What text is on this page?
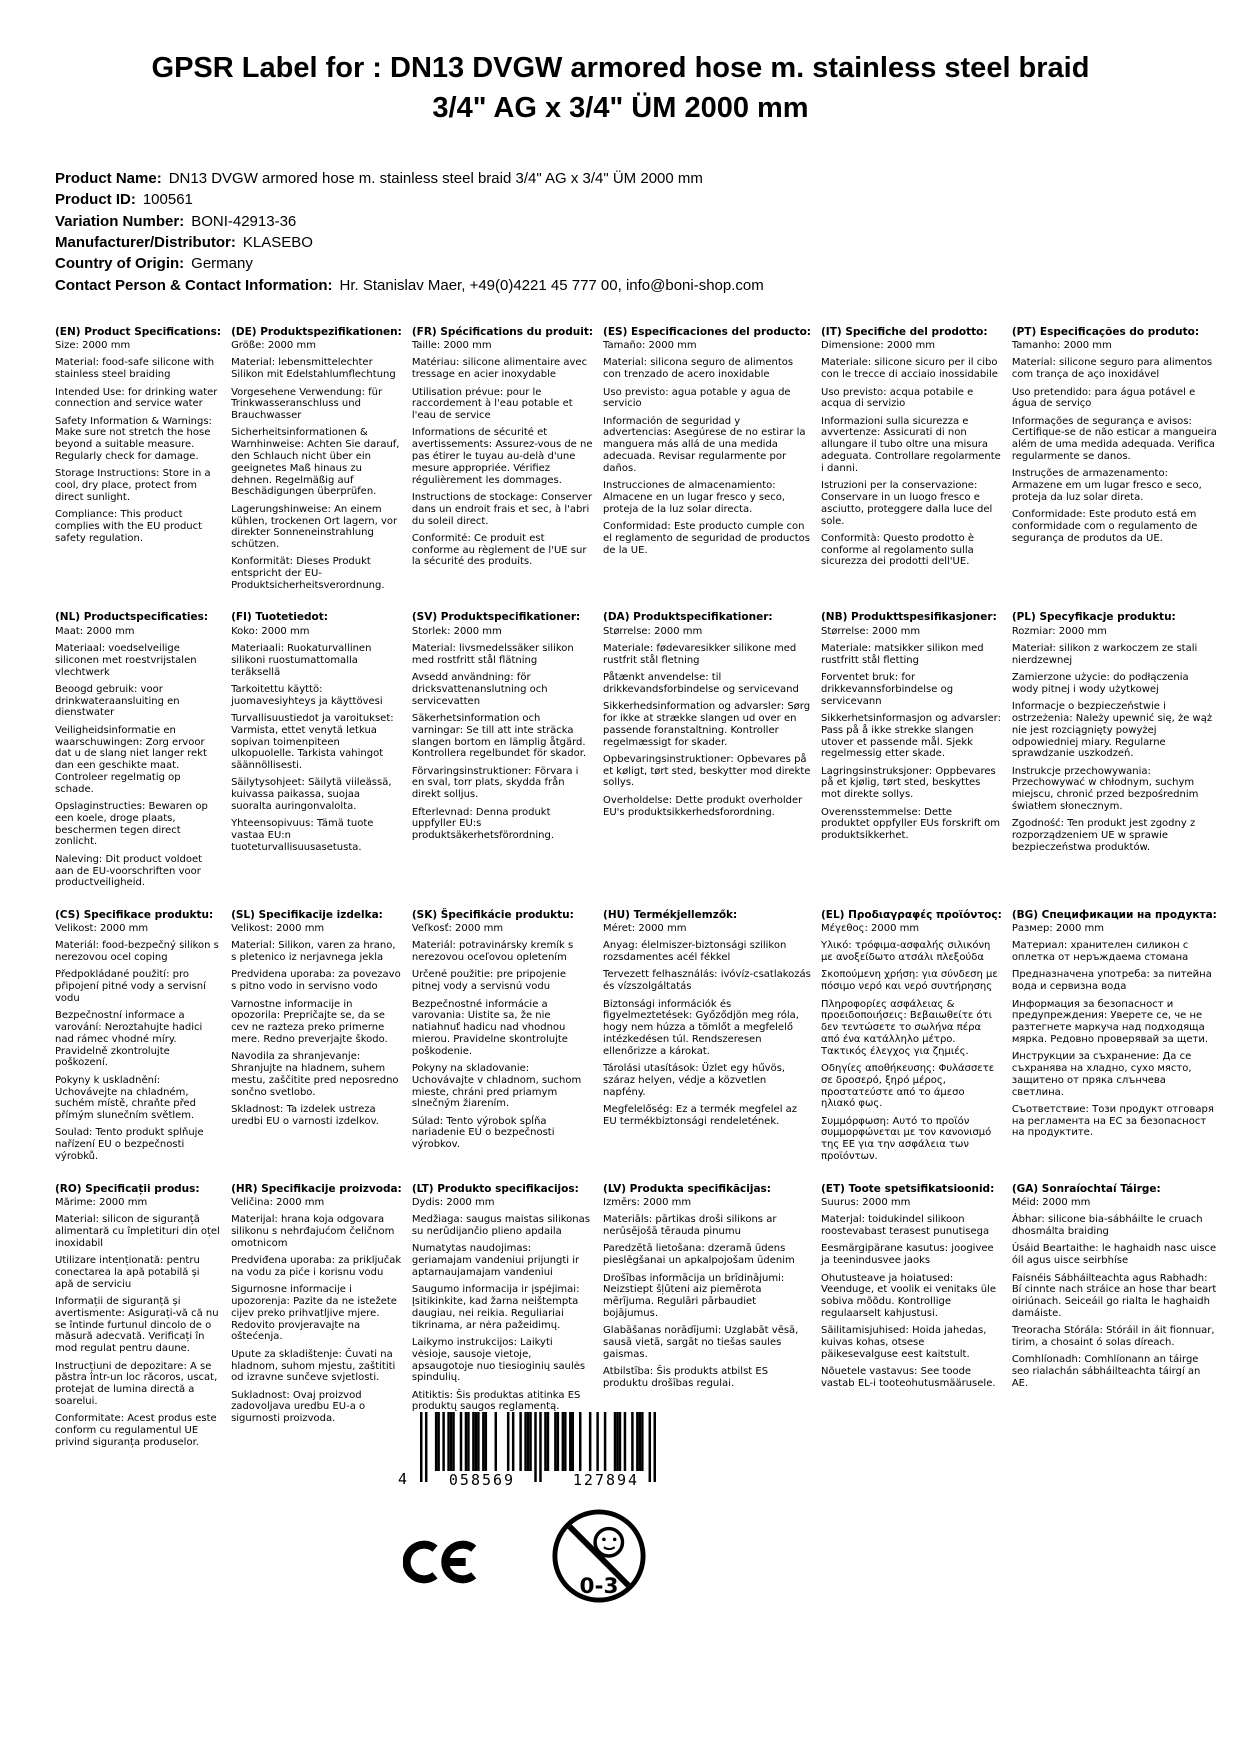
GPSR Label for : DN13 DVGW armored hose m. stainless steel braid
3/4" AG x 3/4" ÜM 2000 mm
Product Name: DN13 DVGW armored hose m. stainless steel braid 3/4" AG x 3/4" ÜM 2000 mm
Product ID: 100561
Variation Number: BONI-42913-36
Manufacturer/Distributor: KLASEBO
Country of Origin: Germany
Contact Person & Contact Information: Hr. Stanislav Maer, +49(0)4221 45 777 00, info@boni-shop.com
(EN) Product Specifications:

Size: 2000 mm

Material: food-safe silicone with stainless steel braiding

Intended Use: for drinking water connection and service water

Safety Information & Warnings: Make sure not stretch the hose beyond a suitable measure. Regularly check for damage.

Storage Instructions: Store in a cool, dry place, protect from direct sunlight.

Compliance: This product complies with the EU product safety regulation.

(DE) Produktspezifikationen:

Größe: 2000 mm

Material: lebensmittelechter Silikon mit Edelstahlumflechtung

Vorgesehene Verwendung: für Trinkwasseranschluss und Brauchwasser

Sicherheitsinformationen & Warnhinweise: Achten Sie darauf, den Schlauch nicht über ein geeignetes Maß hinaus zu dehnen. Regelmäßig auf Beschädigungen überprüfen.

Lagerungshinweise: An einem kühlen, trockenen Ort lagern, vor direkter Sonneneinstrahlung schützen.

Konformität: Dieses Produkt entspricht der EU-Produktsicherheitsverordnung.

(FR) Spécifications du produit:

Taille: 2000 mm

Matériau: silicone alimentaire avec tressage en acier inoxydable

Utilisation prévue: pour le raccordement à l'eau potable et l'eau de service

Informations de sécurité et avertissements: Assurez-vous de ne pas étirer le tuyau au-delà d'une mesure appropriée. Vérifiez régulièrement les dommages.

Instructions de stockage: Conserver dans un endroit frais et sec, à l'abri du soleil direct.

Conformité: Ce produit est conforme au règlement de l'UE sur la sécurité des produits.

(ES) Especificaciones del producto:

Tamaño: 2000 mm

Material: silicona seguro de alimentos con trenzado de acero inoxidable

Uso previsto: agua potable y agua de servicio

Información de seguridad y advertencias: Asegúrese de no estirar la manguera más allá de una medida adecuada. Revisar regularmente por daños.

Instrucciones de almacenamiento: Almacene en un lugar fresco y seco, proteja de la luz solar directa.

Conformidad: Este producto cumple con el reglamento de seguridad de productos de la UE.

(IT) Specifiche del prodotto:

Dimensione: 2000 mm

Materiale: silicone sicuro per il cibo con le trecce di acciaio inossidabile

Uso previsto: acqua potabile e acqua di servizio

Informazioni sulla sicurezza e avvertenze: Assicurati di non allungare il tubo oltre una misura adeguata. Controllare regolarmente i danni.

Istruzioni per la conservazione: Conservare in un luogo fresco e asciutto, proteggere dalla luce del sole.

Conformità: Questo prodotto è conforme al regolamento sulla sicurezza dei prodotti dell'UE.

(PT) Especificações do produto:

Tamanho: 2000 mm

Material: silicone seguro para alimentos com trança de aço inoxidável

Uso pretendido: para água potável e água de serviço

Informações de segurança e avisos: Certifique-se de não esticar a mangueira além de uma medida adequada. Verifica regularmente se danos.

Instruções de armazenamento: Armazene em um lugar fresco e seco, proteja da luz solar direta.

Conformidade: Este produto está em conformidade com o regulamento de segurança de produtos da UE.

(NL) Productspecificaties:

Maat: 2000 mm

Materiaal: voedselveilige siliconen met roestvrijstalen vlechtwerk

Beoogd gebruik: voor drinkwateraansluiting en dienstwater

Veiligheidsinformatie en waarschuwingen: Zorg ervoor dat u de slang niet langer rekt dan een geschikte maat. Controleer regelmatig op schade.

Opslaginstructies: Bewaren op een koele, droge plaats, beschermen tegen direct zonlicht.

Naleving: Dit product voldoet aan de EU-voorschriften voor productveiligheid.

(FI) Tuotetiedot:

Koko: 2000 mm

Materiaali: Ruokaturvallinen silikoni ruostumattomalla teräksellä

Tarkoitettu käyttö: juomavesiyhteys ja käyttövesi

Turvallisuustiedot ja varoitukset: Varmista, ettet venytä letkua sopivan toimenpiteen ulkopuolelle. Tarkista vahingot säännöllisesti.

Säilytysohjeet: Säilytä viileässä, kuivassa paikassa, suojaa suoralta auringonvalolta.

Yhteensopivuus: Tämä tuote vastaa EU:n tuoteturvallisuusasetusta.

(SV) Produktspecifikationer:

Storlek: 2000 mm

Material: livsmedelssäker silikon med rostfritt stål flätning

Avsedd användning: för dricksvattenanslutning och servicevatten

Säkerhetsinformation och varningar: Se till att inte sträcka slangen bortom en lämplig åtgärd. Kontrollera regelbundet för skador.

Förvaringsinstruktioner: Förvara i en sval, torr plats, skydda från direkt solljus.

Efterlevnad: Denna produkt uppfyller EU:s produktsäkerhetsförordning.

(DA) Produktspecifikationer:

Størrelse: 2000 mm

Materiale: fødevaresikker silikone med rustfrit stål fletning

Påtænkt anvendelse: til drikkevandsforbindelse og servicevand

Sikkerhedsinformation og advarsler: Sørg for ikke at strække slangen ud over en passende foranstaltning. Kontroller regelmæssigt for skader.

Opbevaringsinstruktioner: Opbevares på et køligt, tørt sted, beskytter mod direkte sollys.

Overholdelse: Dette produkt overholder EU's produktsikkerhedsforordning.

(NB) Produkttspesifikasjoner:

Størrelse: 2000 mm

Materiale: matsikker silikon med rustfritt stål fletting

Forventet bruk: for drikkevannsforbindelse og servicevann

Sikkerhetsinformasjon og advarsler: Pass på å ikke strekke slangen utover et passende mål. Sjekk regelmessig etter skade.

Lagringsinstruksjoner: Oppbevares på et kjølig, tørt sted, beskyttes mot direkte sollys.

Overensstemmelse: Dette produktet oppfyller EUs forskrift om produktsikkerhet.

(PL) Specyfikacje produktu:

Rozmiar: 2000 mm

Materiał: silikon z warkoczem ze stali nierdzewnej

Zamierzone użycie: do podłączenia wody pitnej i wody użytkowej

Informacje o bezpieczeństwie i ostrzeżenia: Należy upewnić się, że wąż nie jest rozciągnięty powyżej odpowiedniej miary. Regularne sprawdzanie uszkodzeń.

Instrukcje przechowywania: Przechowywać w chłodnym, suchym miejscu, chronić przed bezpośrednim światłem słonecznym.

Zgodność: Ten produkt jest zgodny z rozporządzeniem UE w sprawie bezpieczeństwa produktów.

(CS) Specifikace produktu:

Velikost: 2000 mm

Materiál: food-bezpečný silikon s nerezovou ocel coping

Předpokládané použití: pro připojení pitné vody a servisní vodu

Bezpečnostní informace a varování: Neroztahujte hadici nad rámec vhodné míry. Pravidelně zkontrolujte poškození.

Pokyny k uskladnění: Uchovávejte na chladném, suchém místě, chraňte před přímým slunečním světlem.

Soulad: Tento produkt splňuje nařízení EU o bezpečnosti výrobků.

(SL) Specifikacije izdelka:

Velikost: 2000 mm

Material: Silikon, varen za hrano, s pletenico iz nerjavnega jekla

Predvidena uporaba: za povezavo s pitno vodo in servisno vodo

Varnostne informacije in opozorila: Prepričajte se, da se cev ne razteza preko primerne mere. Redno preverjajte škodo.

Navodila za shranjevanje: Shranjujte na hladnem, suhem mestu, zaščitite pred neposredno sončno svetlobo.

Skladnost: Ta izdelek ustreza uredbi EU o varnosti izdelkov.

(SK) Špecifikácie produktu:

Veľkosť: 2000 mm

Materiál: potravinársky kremík s nerezovou oceľovou opletením

Určené použitie: pre pripojenie pitnej vody a servisnú vodu

Bezpečnostné informácie a varovania: Uistite sa, že nie natiahnuť hadicu nad vhodnou mierou. Pravidelne skontrolujte poškodenie.

Pokyny na skladovanie: Uchovávajte v chladnom, suchom mieste, chráni pred priamym slnečným žiarením.

Súlad: Tento výrobok spĺňa nariadenie EÚ o bezpečnosti výrobkov.

(HU) Termékjellemzők:

Méret: 2000 mm

Anyag: élelmiszer-biztonsági szilikon rozsdamentes acél fékkel

Tervezett felhasználás: ivóvíz-csatlakozás és vízszolgáltatás

Biztonsági információk és figyelmeztetések: Győződjön meg róla, hogy nem húzza a tömlőt a megfelelő intézkedésen túl. Rendszeresen ellenőrizze a károkat.

Tárolási utasítások: Üzlet egy hűvös, száraz helyen, védje a közvetlen napfény.

Megfelelőség: Ez a termék megfelel az EU termékbiztonsági rendeletének.

(EL) Προδιαγραφές προϊόντος:

Μέγεθος: 2000 mm

Υλικό: τρόφιμα-ασφαλής σιλικόνη με ανοξείδωτο ατσάλι πλεξούδα

Σκοπούμενη χρήση: για σύνδεση με πόσιμο νερό και νερό συντήρησης

Πληροφορίες ασφάλειας & προειδοποιήσεις: Βεβαιωθείτε ότι δεν τεντώσετε το σωλήνα πέρα από ένα κατάλληλο μέτρο. Τακτικός έλεγχος για ζημιές.

Οδηγίες αποθήκευσης: Φυλάσσετε σε δροσερό, ξηρό μέρος, προστατεύστε από το άμεσο ηλιακό φως.

Συμμόρφωση: Αυτό το προϊόν συμμορφώνεται με τον κανονισμό της ΕΕ για την ασφάλεια των προϊόντων.

(BG) Спецификации на продукта:

Размер: 2000 mm

Материал: хранителен силикон с оплетка от неръждаема стомана

Предназначена употреба: за питейна вода и сервизна вода

Информация за безопасност и предупреждения: Уверете се, че не разтегнете маркуча над подходяща мярка. Редовно проверявай за щети.

Инструкции за съхранение: Да се съхранява на хладно, сухо място, защитено от пряка слънчева светлина.

Съответствие: Този продукт отговаря на регламента на ЕС за безопасност на продуктите.

(RO) Specificații produs:

Mărime: 2000 mm

Material: silicon de siguranță alimentară cu împletituri din oțel inoxidabil

Utilizare intenționată: pentru conectarea la apă potabilă și apă de serviciu

Informații de siguranță și avertismente: Asigurați-vă că nu se întinde furtunul dincolo de o măsură adecvată. Verificați în mod regulat pentru daune.

Instrucțiuni de depozitare: A se păstra într-un loc răcoros, uscat, protejat de lumina directă a soarelui.

Conformitate: Acest produs este conform cu regulamentul UE privind siguranța produselor.

(HR) Specifikacije proizvoda:

Veličina: 2000 mm

Materijal: hrana koja odgovara silikonu s nehrđajućom čeličnom omotnicom

Predviđena uporaba: za priključak na vodu za piće i korisnu vodu

Sigurnosne informacije i upozorenja: Pazite da ne istežete cijev preko prihvatljive mjere. Redovito provjeravajte na oštećenja.

Upute za skladištenje: Čuvati na hladnom, suhom mjestu, zaštititi od izravne sunčeve svjetlosti.

Sukladnost: Ovaj proizvod zadovoljava uredbu EU-a o sigurnosti proizvoda.

(LT) Produkto specifikacijos:

Dydis: 2000 mm

Medžiaga: saugus maistas silikonas su nerūdijančio plieno apdaila

Numatytas naudojimas: geriamajam vandeniui prijungti ir aptarnaujamajam vandeniui

Saugumo informacija ir įspėjimai: Įsitikinkite, kad žarna neištempta daugiau, nei reikia. Reguliariai tikrinama, ar nėra pažeidimų.

Laikymo instrukcijos: Laikyti vėsioje, sausoje vietoje, apsaugotoje nuo tiesioginių saulės spindulių.

Atitiktis: Šis produktas atitinka ES produktų saugos reglamentą.

(LV) Produkta specifikācijas:

Izmērs: 2000 mm

Materiāls: pārtikas droši silikons ar nerūsējošā tērauda pinumu

Paredzētā lietošana: dzeramā ūdens pieslēgšanai un apkalpojošam ūdenim

Drošības informācija un brīdinājumi: Neizstiept šļūteni aiz piemērota mērījuma. Regulāri pārbaudiet bojājumus.

Glabāšanas norādījumi: Uzglabāt vēsā, sausā vietā, sargāt no tiešas saules gaismas.

Atbilstība: Šis produkts atbilst ES produktu drošības regulai.

(ET) Toote spetsifikatsioonid:

Suurus: 2000 mm

Materjal: toidukindel silikoon roostevabast terasest punutisega

Eesmärgipärane kasutus: joogivee ja teenindusvee jaoks

Ohutusteave ja hoiatused: Veenduge, et voolik ei venitaks üle sobiva mõõdu. Kontrollige regulaarselt kahjustusi.

Säilitamisjuhised: Hoida jahedas, kuivas kohas, otsese päikesevalguse eest kaitstult.

Nõuetele vastavus: See toode vastab EL-i tooteohutusmäärusele.

(GA) Sonraíochtaí Táirge:

Méid: 2000 mm

Ábhar: silicone bia-sábháilte le cruach dhosmálta braiding

Úsáid Beartaithe: le haghaidh nasc uisce óil agus uisce seirbhíse

Faisnéis Sábháilteachta agus Rabhadh: Bí cinnte nach stráice an hose thar beart oiriúnach. Seiceáil go rialta le haghaidh damáiste.

Treoracha Stórála: Stóráil in áit fionnuar, tirim, a chosaint ó solas díreach.

Comhlíonadh: Comhlíonann an táirge seo rialachán sábháilteachta táirgí an AE.

4	058569	127894
0-3
